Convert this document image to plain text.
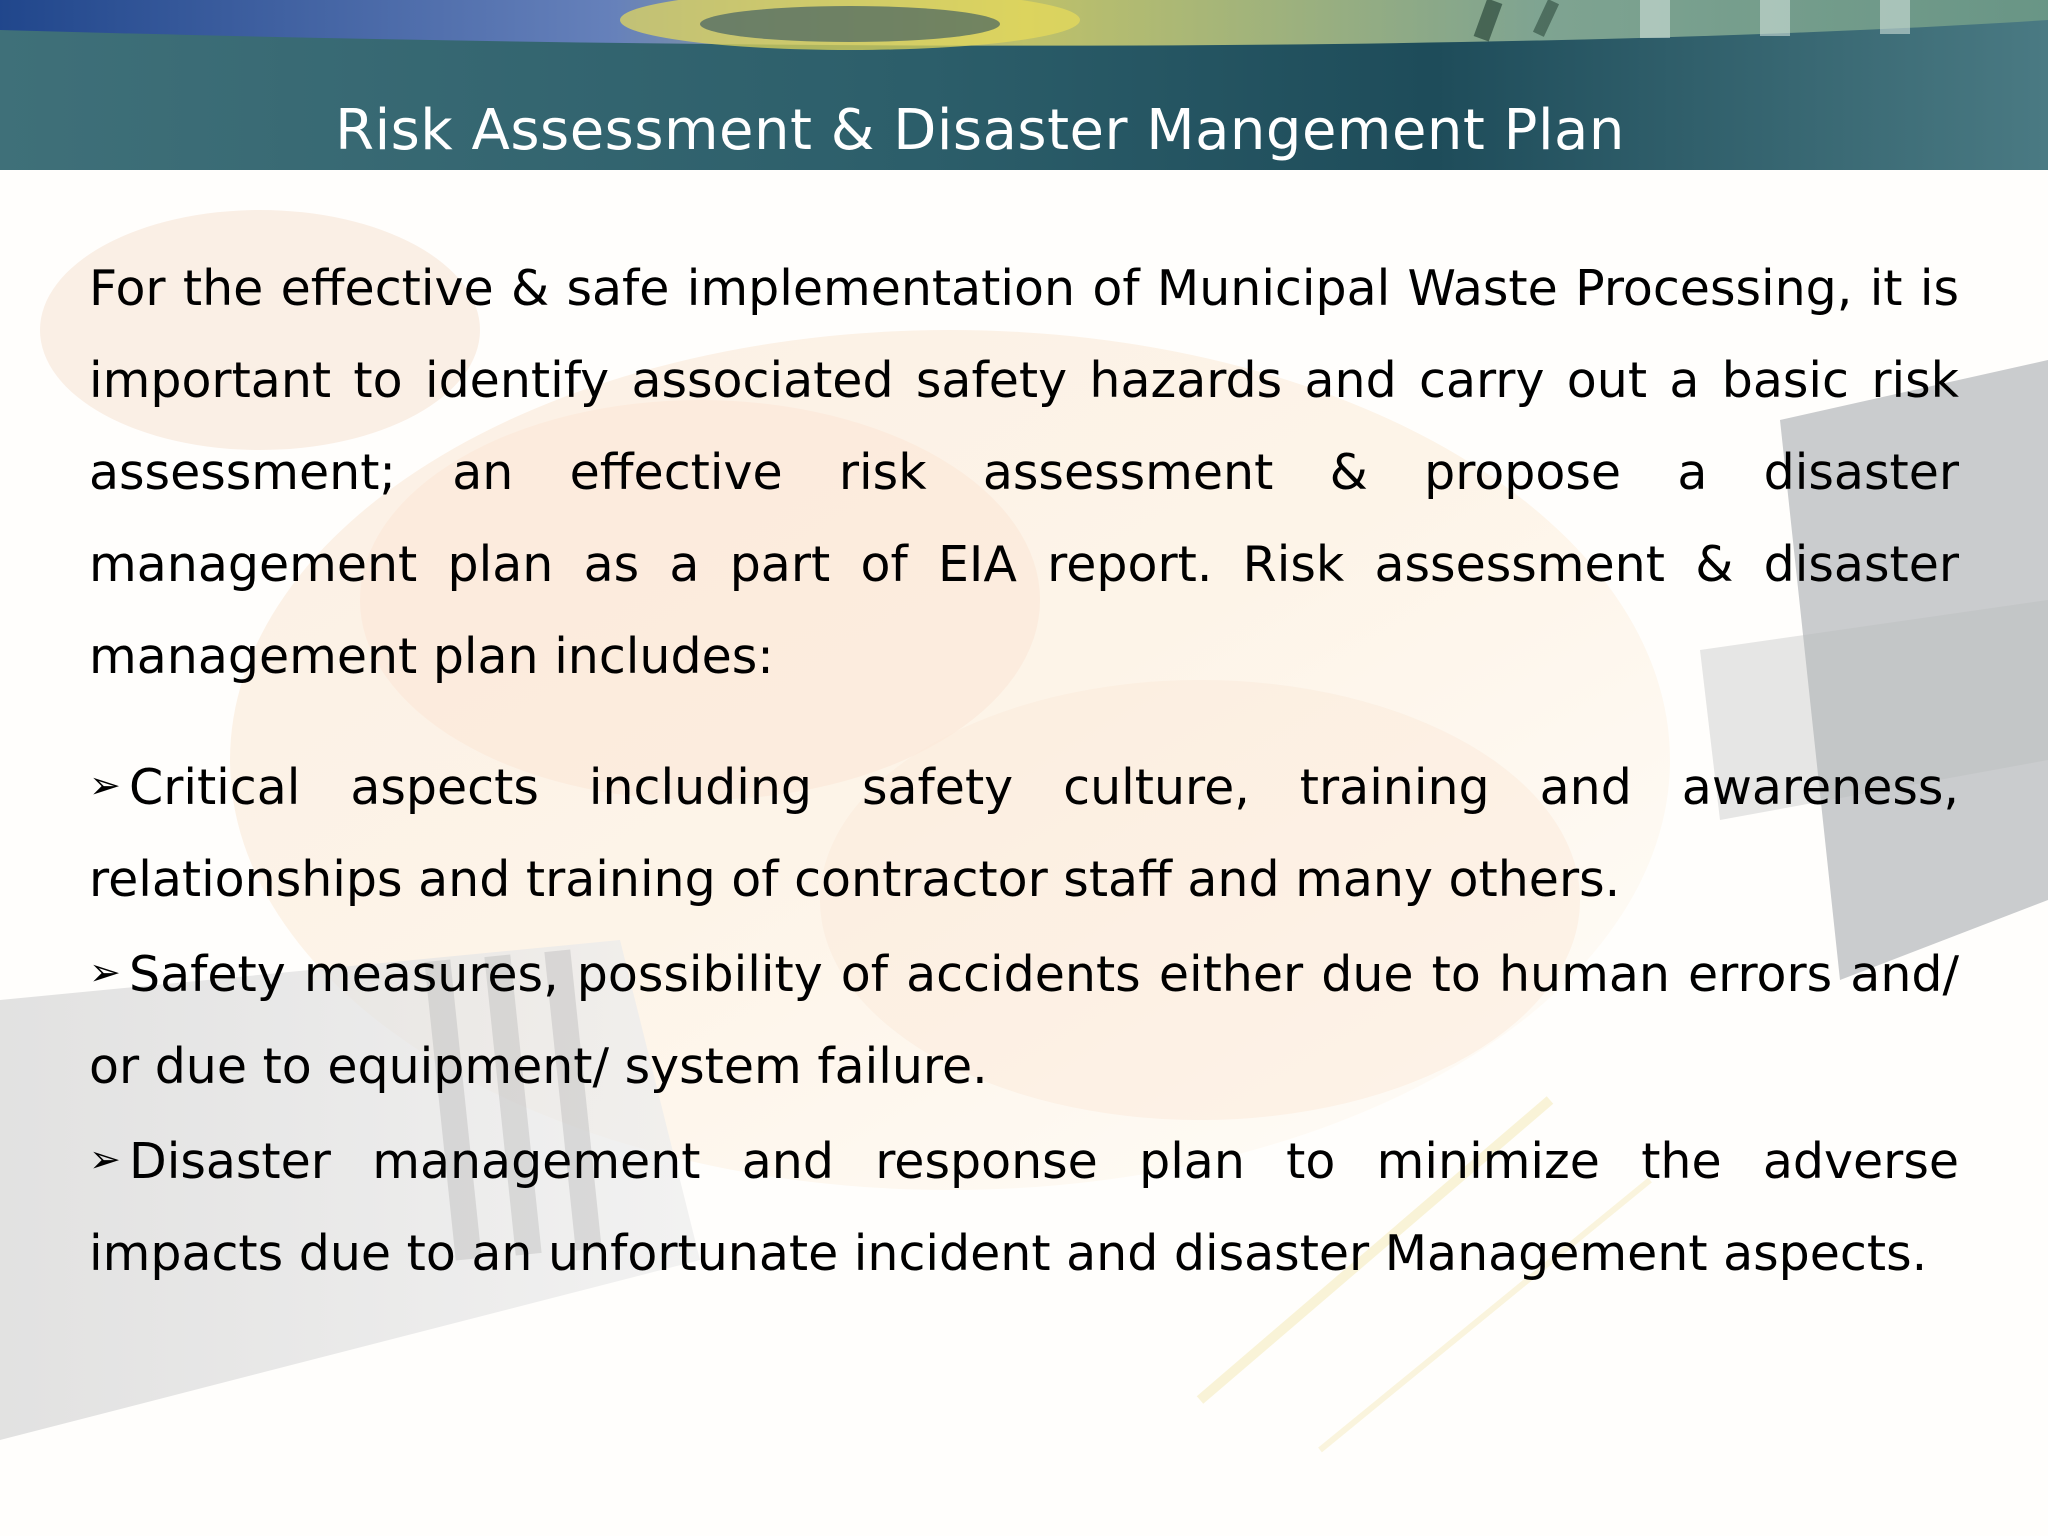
Risk Assessment & Disaster Mangement Plan

For the effective & safe implementation of Municipal Waste Processing, it is important to identify associated safety hazards and carry out a basic risk assessment; an effective risk assessment & propose a disaster management plan as a part of EIA report. Risk assessment & disaster management plan includes:

➢ Critical aspects including safety culture, training and awareness, relationships and training of contractor staff and many others.
➢ Safety measures, possibility of accidents either due to human errors and/ or due to equipment/ system failure.
➢ Disaster management and response plan to minimize the adverse impacts due to an unfortunate incident and disaster Management aspects.
